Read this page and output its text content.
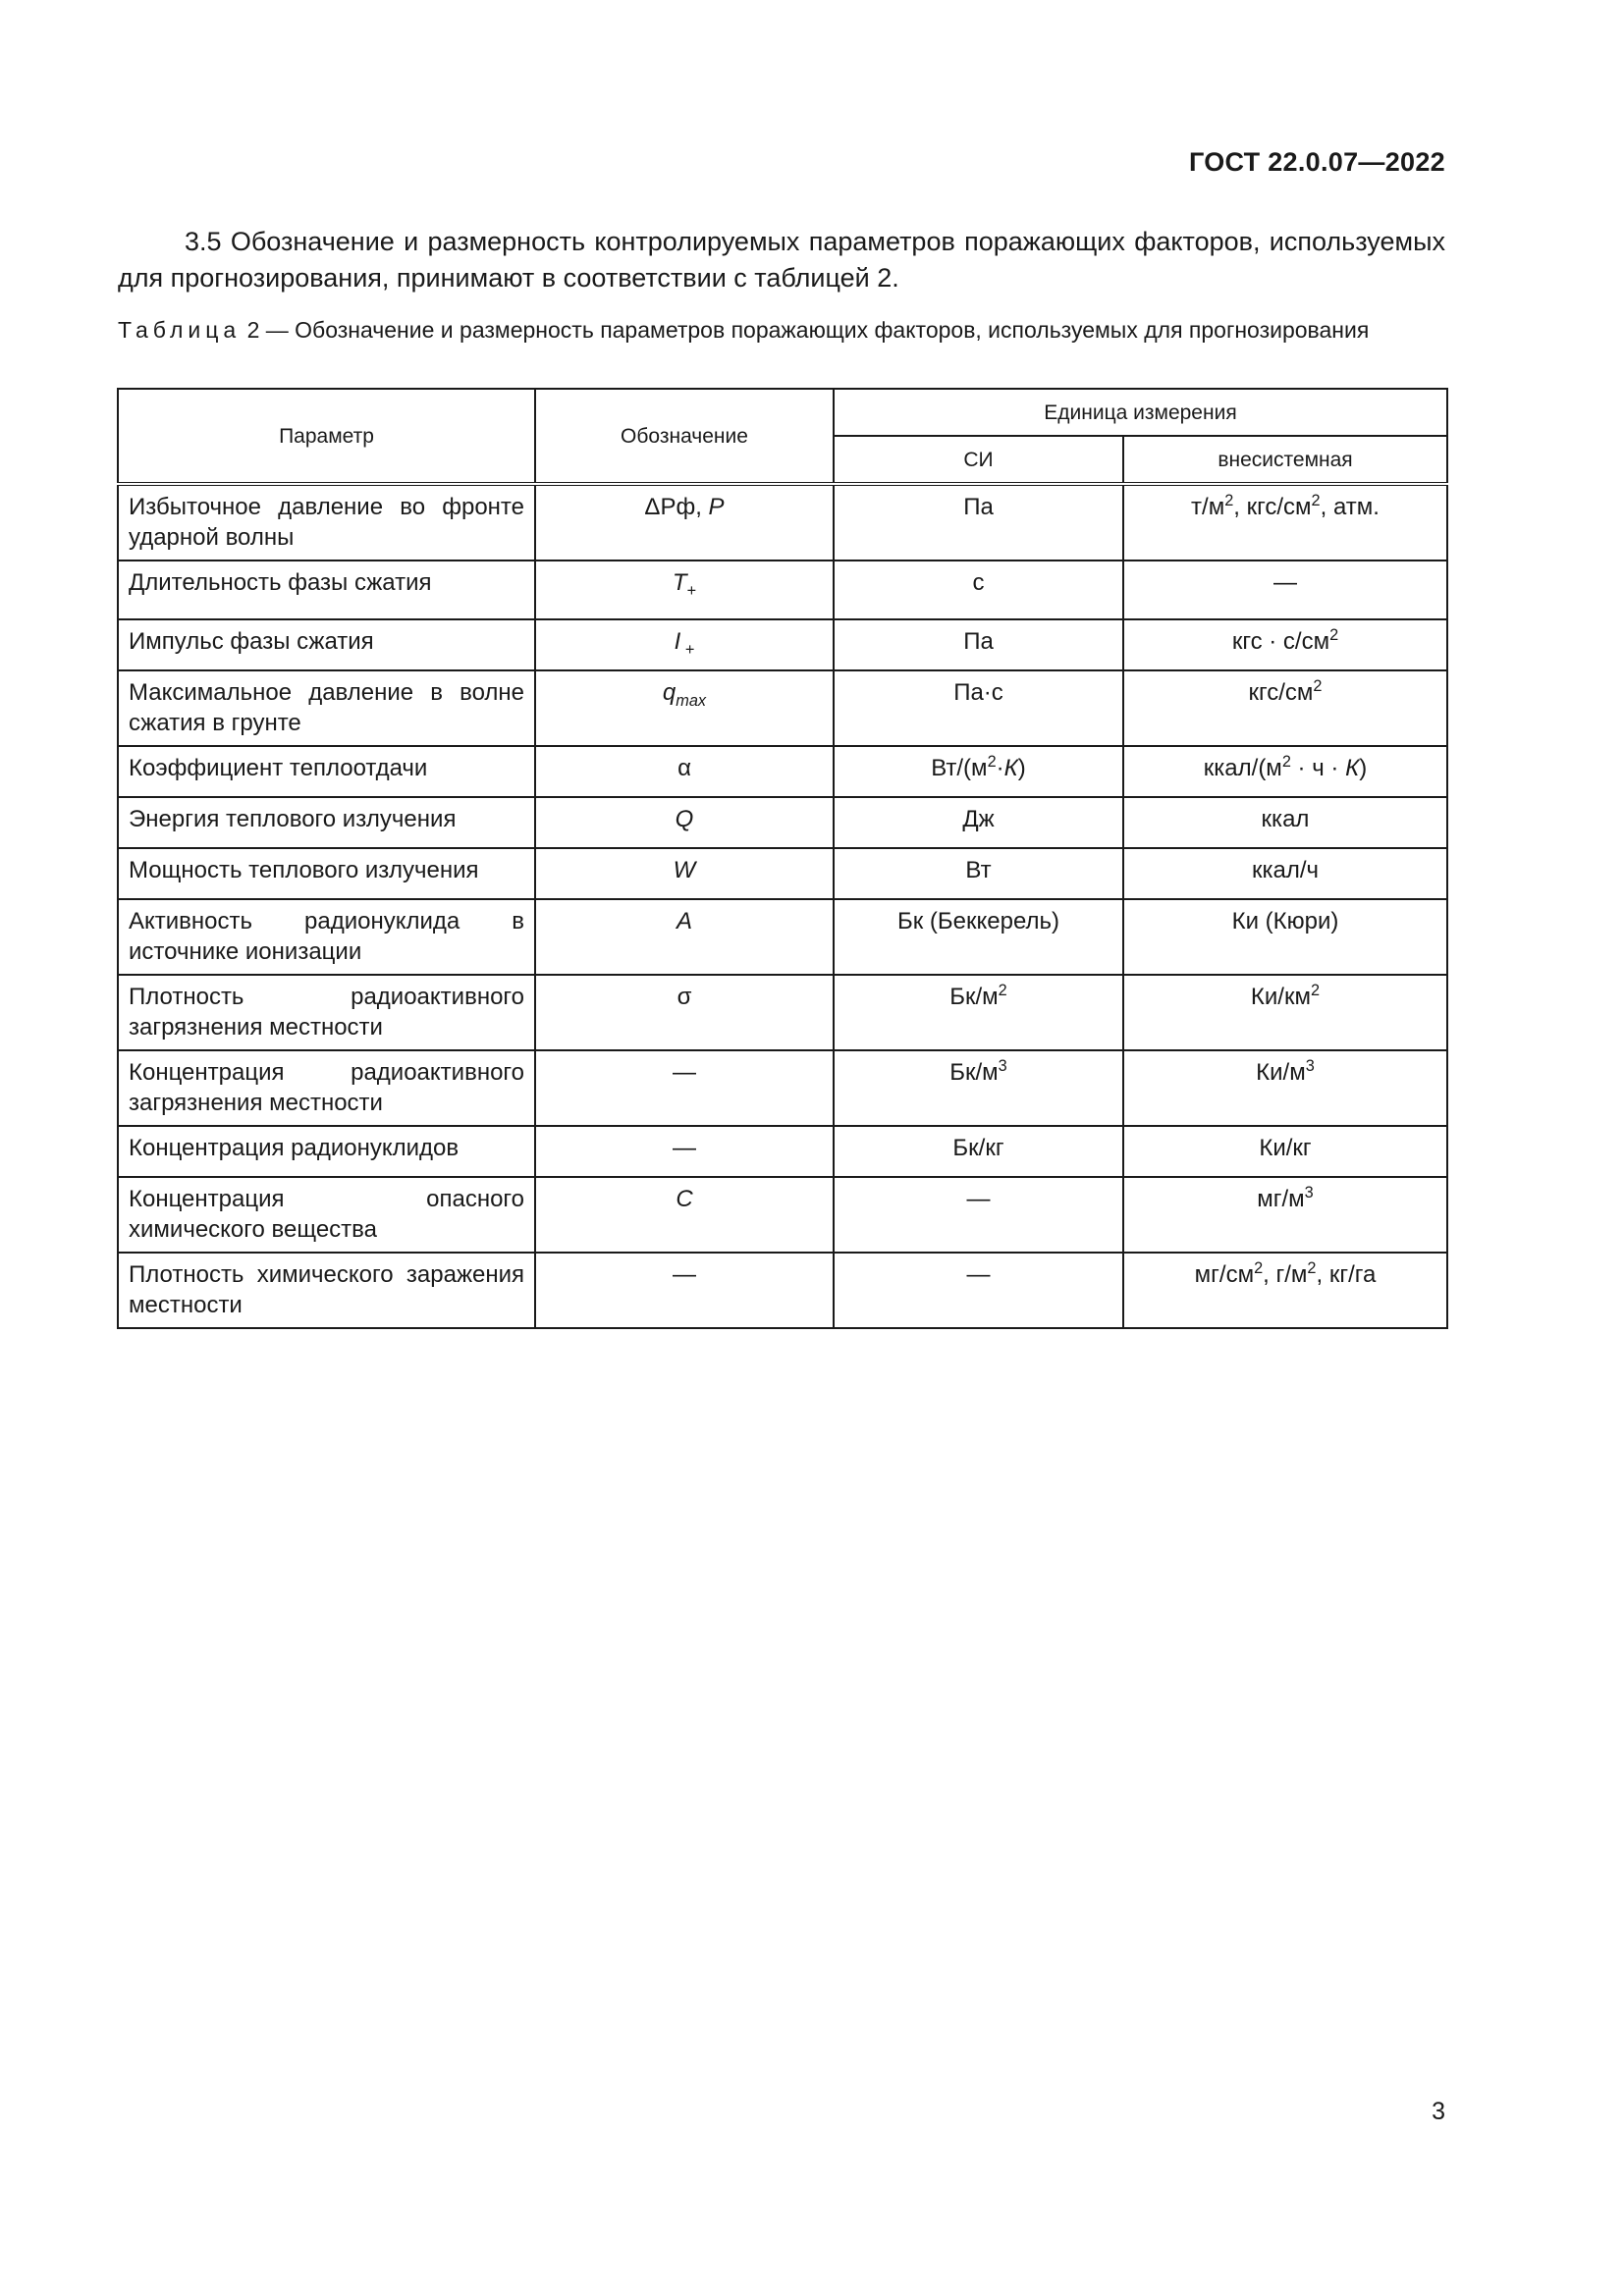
ГОСТ 22.0.07—2022
3.5 Обозначение и размерность контролируемых параметров поражающих факторов, используемых для прогнозирования, принимают в соответствии с таблицей 2.
Таблица 2 — Обозначение и размерность параметров поражающих факторов, используемых для прогнозирования
Параметр	Обозначение	Единица измерения	
		СИ	внесистемная
Избыточное давление во фронте ударной волны	ΔРф, Р	Па	$т/м^2$, кгс/$см^2$, атм.
Длительность фазы сжатия	$T_+$	с	—
Импульс фазы сжатия	I $_+$	Па	кгс · $с/см^2$
Максимальное давление в волне сжатия в грунте	$q_{max}$	Па·с	кгс/$см^2$
Коэффициент теплоотдачи	α	$Вт/(м^2\cdot К)$	ккал/$(м^2 \cdot ч \cdot К)$
Энергия теплового излучения	Q	Дж	ккал
Мощность теплового излучения	W	Вт	ккал/ч
Активность радионуклида в источнике ионизации	A	Бк (Беккерель)	Ки (Кюри)
Плотность радиоактивного загрязнения местности	σ	$Бк/м^2$	$Ки/км^2$
Концентрация радиоактивного загрязнения местности	—	$Бк/м^3$	$Ки/м^3$
Концентрация радионуклидов	—	Бк/кг	Ки/кг
Концентрация опасного химического вещества	C	—	$мг/м^3$
Плотность химического заражения местности	—	—	$мг/см^2$, $г/м^2$, кг/га
3
